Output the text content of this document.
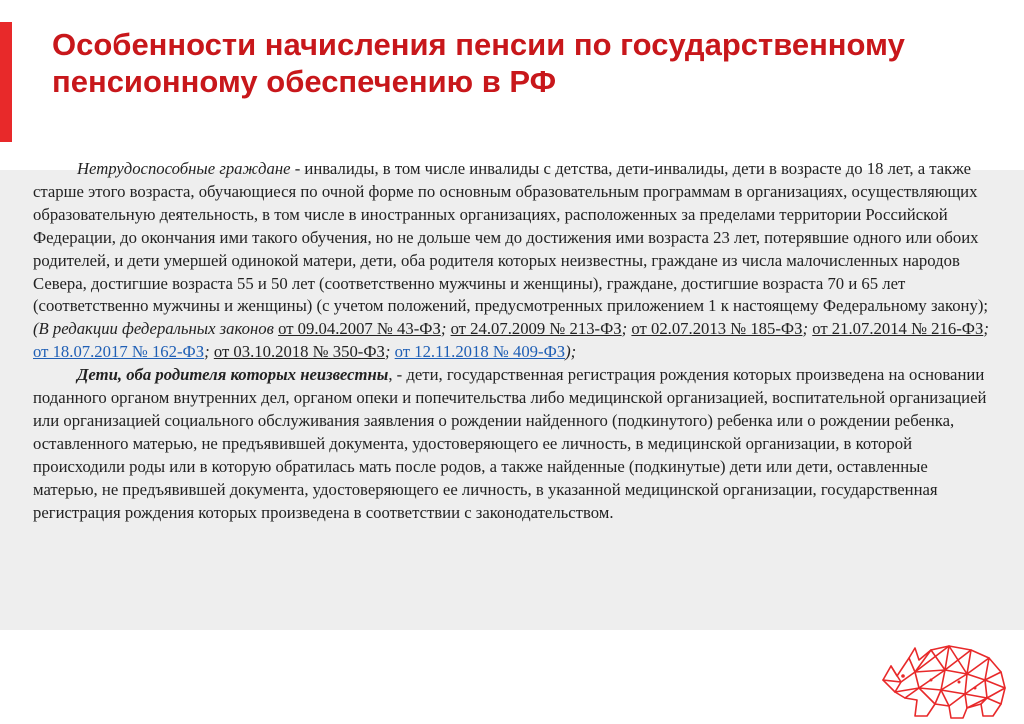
Особенности начисления пенсии по государственному пенсионному обеспечению в РФ

Нетрудоспособные граждане - инвалиды, в том числе инвалиды с детства, дети-инвалиды, дети в возрасте до 18 лет, а также старше этого возраста, обучающиеся по очной форме по основным образовательным программам в организациях, осуществляющих образовательную деятельность, в том числе в иностранных организациях, расположенных за пределами территории Российской Федерации, до окончания ими такого обучения, но не дольше чем до достижения ими возраста 23 лет, потерявшие одного или обоих родителей, и дети умершей одинокой матери, дети, оба родителя которых неизвестны, граждане из числа малочисленных народов Севера, достигшие возраста 55 и 50 лет (соответственно мужчины и женщины), граждане, достигшие возраста 70 и 65 лет (соответственно мужчины и женщины) (с учетом положений, предусмотренных приложением 1 к настоящему Федеральному закону); (В редакции федеральных законов от 09.04.2007 № 43-ФЗ; от 24.07.2009 № 213-ФЗ; от 02.07.2013 № 185-ФЗ; от 21.07.2014 № 216-ФЗ; от 18.07.2017 № 162-ФЗ; от 03.10.2018 № 350-ФЗ; от 12.11.2018 № 409-ФЗ);

Дети, оба родителя которых неизвестны, - дети, государственная регистрация рождения которых произведена на основании поданного органом внутренних дел, органом опеки и попечительства либо медицинской организацией, воспитательной организацией или организацией социального обслуживания заявления о рождении найденного (подкинутого) ребенка или о рождении ребенка, оставленного матерью, не предъявившей документа, удостоверяющего ее личность, в медицинской организации, в которой происходили роды или в которую обратилась мать после родов, а также найденные (подкинутые) дети или дети, оставленные матерью, не предъявившей документа, удостоверяющего ее личность, в указанной медицинской организации, государственная регистрация рождения которых произведена в соответствии с законодательством.
